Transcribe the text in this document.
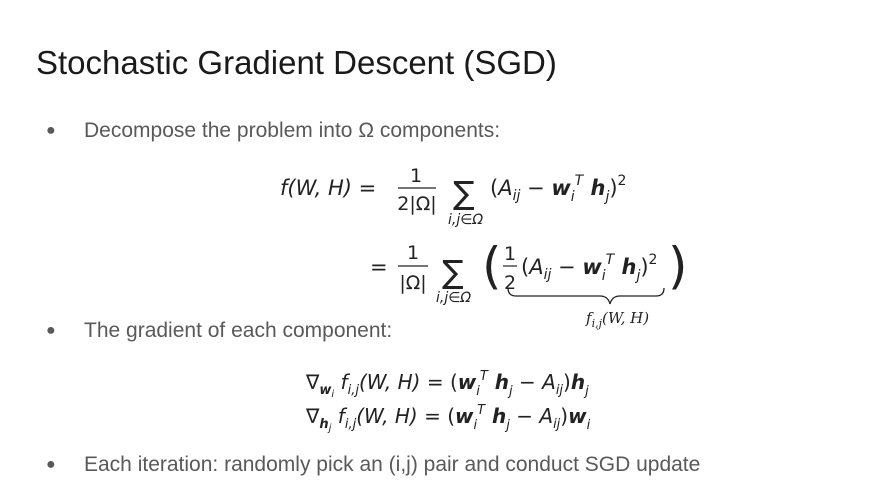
Stochastic Gradient Descent (SGD)
● Decompose the problem into Ω components:
● The gradient of each component:
● Each iteration: randomly pick an (i,j) pair and conduct SGD update
f(W, H) = 1
2|Ω| ∑
i,j∈Ω
($A_{ij} - w_i^T$ $h_j)^2$
=
1
|Ω| ∑
i,j∈Ω
( 1
2
($A_{ij} - w_i^T$ $h_j)^2$ )
$f_{i,j}(W$, H)
$\nabla_wi$ $f_{i,j}(W$, $H) = (w_i^T$ $h_j - A_{ij})h_j$
$\nabla_hj$ $f_{i,j}(W$, $H) = (w_i^T$ $h_j - A_{ij})w_i$
